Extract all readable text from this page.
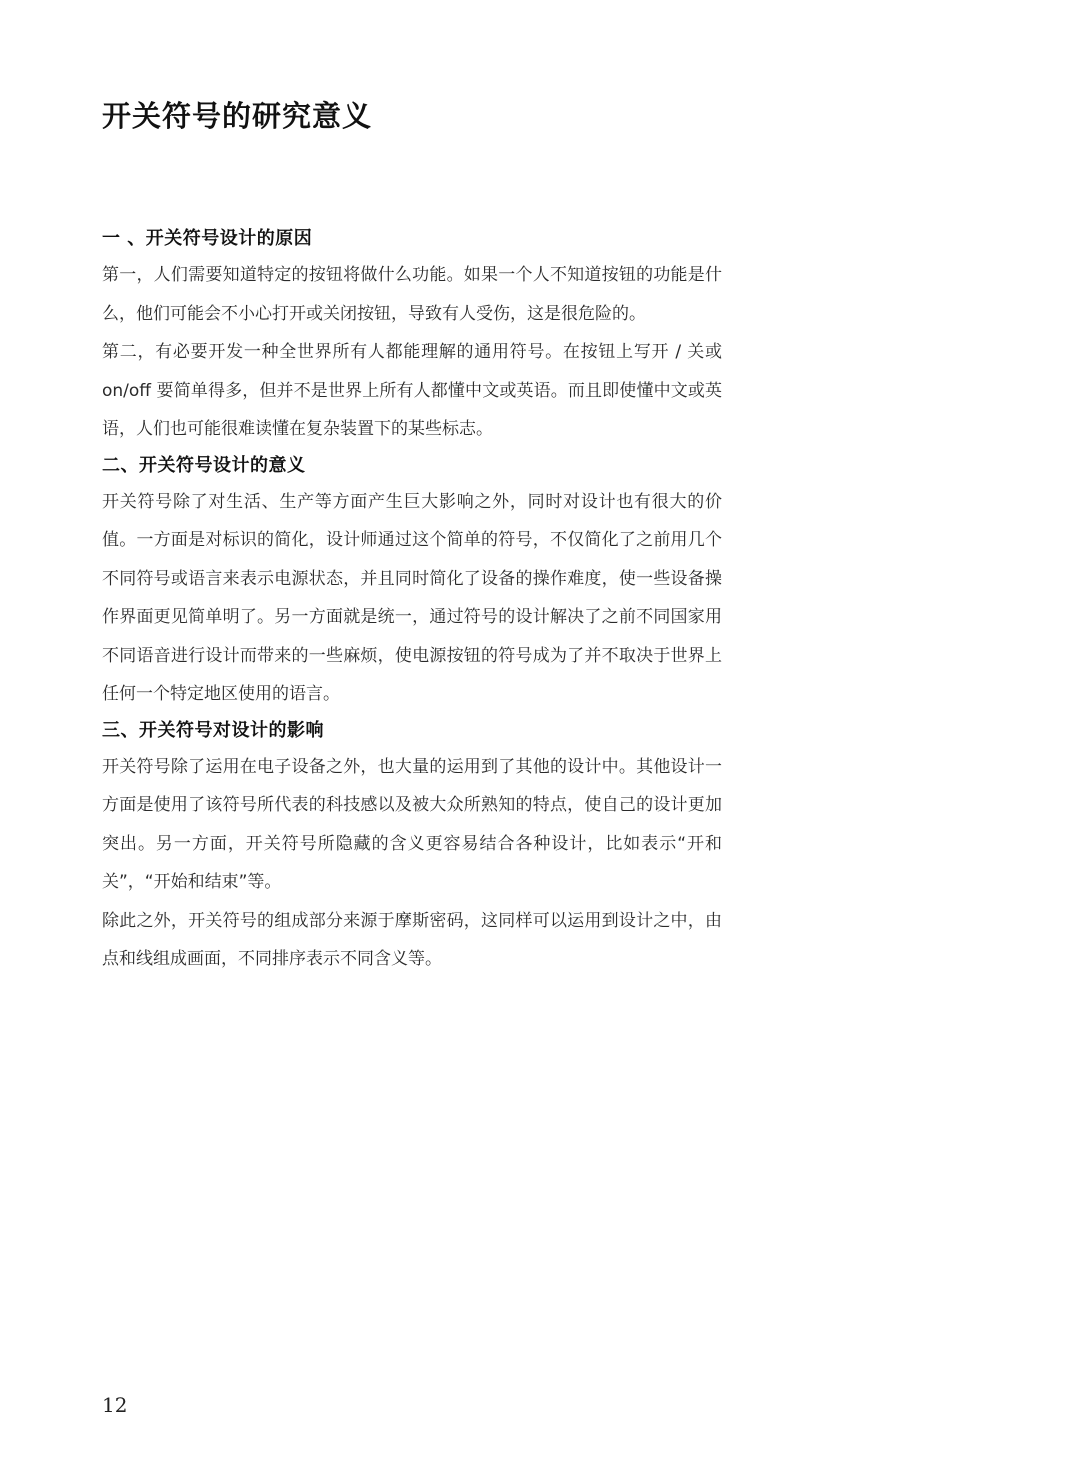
开关符号的研究意义
一 、开关符号设计的原因

第一，人们需要知道特定的按钮将做什么功能。如果一个人不知道按钮的功能是什么，他们可能会不小心打开或关闭按钮，导致有人受伤，这是很危险的。

第二，有必要开发一种全世界所有人都能理解的通用符号。在按钮上写开 / 关或 on/off 要简单得多，但并不是世界上所有人都懂中文或英语。而且即使懂中文或英语，人们也可能很难读懂在复杂装置下的某些标志。

二、开关符号设计的意义

开关符号除了对生活、生产等方面产生巨大影响之外，同时对设计也有很大的价值。一方面是对标识的简化，设计师通过这个简单的符号，不仅简化了之前用几个不同符号或语言来表示电源状态，并且同时简化了设备的操作难度，使一些设备操作界面更见简单明了。另一方面就是统一，通过符号的设计解决了之前不同国家用不同语音进行设计而带来的一些麻烦，使电源按钮的符号成为了并不取决于世界上任何一个特定地区使用的语言。

三、开关符号对设计的影响

开关符号除了运用在电子设备之外，也大量的运用到了其他的设计中。其他设计一方面是使用了该符号所代表的科技感以及被大众所熟知的特点，使自己的设计更加突出。另一方面，开关符号所隐藏的含义更容易结合各种设计，比如表示“开和关”，“开始和结束”等。

除此之外，开关符号的组成部分来源于摩斯密码，这同样可以运用到设计之中，由点和线组成画面，不同排序表示不同含义等。

12
